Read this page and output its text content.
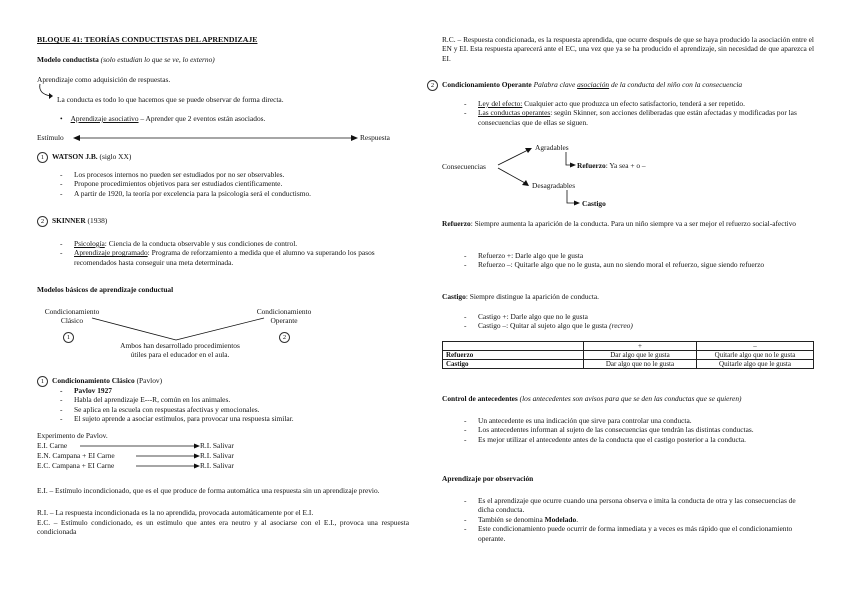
BLOQUE 41: TEORÍAS CONDUCTISTAS DEL APRENDIZAJE
Modelo conductista (solo estudian lo que se ve, lo externo)
Aprendizaje como adquisición de respuestas.
La conducta es todo lo que hacemos que se puede observar de forma directa.
• Aprendizaje asociativo – Aprender que 2 eventos están asociados.
Estímulo	Respuesta
1 WATSON J.B. (siglo XX)
- Los procesos internos no pueden ser estudiados por no ser observables.
- Propone procedimientos objetivos para ser estudiados científicamente.
- A partir de 1920, la teoría por excelencia para la psicología será el conductismo.
2 SKINNER (1938)
- Psicología: Ciencia de la conducta observable y sus condiciones de control.
- Aprendizaje programado: Programa de reforzamiento a medida que el alumno va superando los pasos recomendados hasta conseguir una meta determinada.
Modelos básicos de aprendizaje conductual
Condicionamiento
Clásico
Condicionamiento
Operante
1	2
Ambos han desarrollado procedimientos
útiles para el educador en el aula.
1 Condicionamiento Clásico (Pavlov)
- Pavlov 1927
- Habla del aprendizaje E---R, común en los animales.
- Se aplica en la escuela con respuestas afectivas y emocionales.
- El sujeto aprende a asociar estímulos, para provocar una respuesta similar.
Experimento de Pavlov.
E.I. Carne	R.I. Salivar
E.N. Campana + EI Carne	R.I. Salivar
E.C. Campana + EI Carne	R.I. Salivar
E.I. – Estímulo incondicionado, que es el que produce de forma automática una respuesta sin un aprendizaje previo.
R.I. – La respuesta incondicionada es la no aprendida, provocada automáticamente por el E.I.
E.C. – Estímulo condicionado, es un estímulo que antes era neutro y al asociarse con el E.I., provoca una respuesta condicionada
R.C. – Respuesta condicionada, es la respuesta aprendida, que ocurre después de que se haya producido la asociación entre el EN y EI. Esta respuesta aparecerá ante el EC, una vez que ya se ha producido el aprendizaje, sin necesidad de que aparezca el EI.
2 Condicionamiento Operante Palabra clave asociación de la conducta del niño con la consecuencia
- Ley del efecto: Cualquier acto que produzca un efecto satisfactorio, tenderá a ser repetido.
- Las conductas operantes: según Skinner, son acciones deliberadas que están afectadas y modificadas por las consecuencias que de ellas se siguen.
Consecuencias
Agradables
Refuerzo: Ya sea + o –
Desagradables
Castigo
Refuerzo: Siempre aumenta la aparición de la conducta. Para un niño siempre va a ser mejor el refuerzo social-afectivo
- Refuerzo +: Darle algo que le gusta
- Refuerzo –: Quitarle algo que no le gusta, aun no siendo moral el refuerzo, sigue siendo refuerzo
Castigo: Siempre distingue la aparición de conducta.
- Castigo +: Darle algo que no le gusta
- Castigo –: Quitar al sujeto algo que le gusta (recreo)
	+	–
Refuerzo	Dar algo que le gusta	Quitarle algo que no le gusta
Castigo	Dar algo que no le gusta	Quitarle algo que le gusta
Control de antecedentes (los antecedentes son avisos para que se den las conductas que se quieren)
- Un antecedente es una indicación que sirve para controlar una conducta.
- Los antecedentes informan al sujeto de las consecuencias que tendrán las distintas conductas.
- Es mejor utilizar el antecedente antes de la conducta que el castigo posterior a la conducta.
Aprendizaje por observación
- Es el aprendizaje que ocurre cuando una persona observa e imita la conducta de otra y las consecuencias de dicha conducta.
- También se denomina Modelado.
- Este condicionamiento puede ocurrir de forma inmediata y a veces es más rápido que el condicionamiento operante.
